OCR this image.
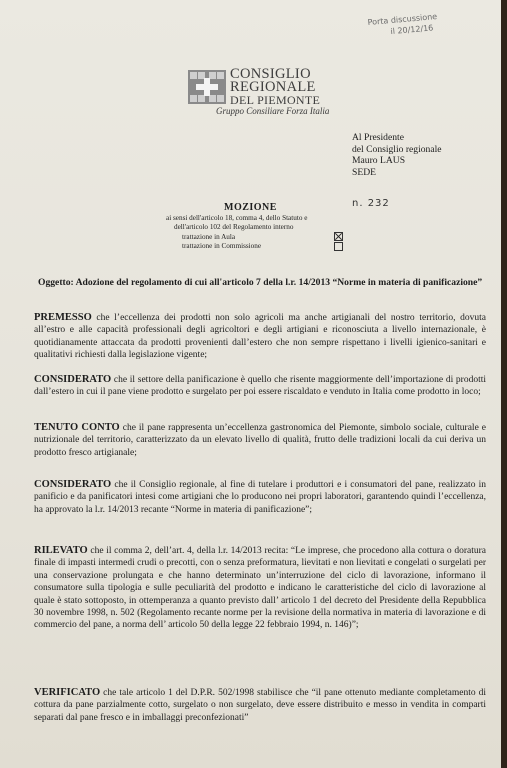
Porta discussione
il 20/12/16
CONSIGLIO
REGIONALE
DEL PIEMONTE
Gruppo Consiliare Forza Italia
Al Presidente
del Consiglio regionale
Mauro LAUS
SEDE
MOZIONE	n. 232
ai sensi dell'articolo 18, comma 4, dello Statuto e
dell'articolo 102 del Regolamento interno
trattazione in Aula
trattazione in Commissione
Oggetto: Adozione del regolamento di cui all'articolo 7 della l.r. 14/2013 “Norme in materia di panificazione”
PREMESSO che l’eccellenza dei prodotti non solo agricoli ma anche artigianali del nostro territorio, dovuta all’estro e alle capacità professionali degli agricoltori e degli artigiani e riconosciuta a livello internazionale, è quotidianamente attaccata da prodotti provenienti dall’estero che non sempre rispettano i livelli igienico-sanitari e qualitativi richiesti dalla legislazione vigente;
CONSIDERATO che il settore della panificazione è quello che risente maggiormente dell’importazione di prodotti dall’estero in cui il pane viene prodotto e surgelato per poi essere riscaldato e venduto in Italia come prodotto in loco;
TENUTO CONTO che il pane rappresenta un’eccellenza gastronomica del Piemonte, simbolo sociale, culturale e nutrizionale del territorio, caratterizzato da un elevato livello di qualità, frutto delle tradizioni locali da cui deriva un prodotto fresco artigianale;
CONSIDERATO che il Consiglio regionale, al fine di tutelare i produttori e i consumatori del pane, realizzato in panificio e da panificatori intesi come artigiani che lo producono nei propri laboratori, garantendo quindi l’eccellenza, ha approvato la l.r. 14/2013 recante “Norme in materia di panificazione”;
RILEVATO che il comma 2, dell’art. 4, della l.r. 14/2013 recita: “Le imprese, che procedono alla cottura o doratura finale di impasti intermedi crudi o precotti, con o senza preformatura, lievitati e non lievitati e congelati o surgelati per una conservazione prolungata e che hanno determinato un’interruzione del ciclo di lavorazione, informano il consumatore sulla tipologia e sulle peculiarità del prodotto e indicano le caratteristiche del ciclo di lavorazione al quale è stato sottoposto, in ottemperanza a quanto previsto dall’ articolo 1 del decreto del Presidente della Repubblica 30 novembre 1998, n. 502 (Regolamento recante norme per la revisione della normativa in materia di lavorazione e di commercio del pane, a norma dell’ articolo 50 della legge 22 febbraio 1994, n. 146)”;
VERIFICATO che tale articolo 1 del D.P.R. 502/1998 stabilisce che “il pane ottenuto mediante completamento di cottura da pane parzialmente cotto, surgelato o non surgelato, deve essere distribuito e messo in vendita in comparti separati dal pane fresco e in imballaggi preconfezionati”
